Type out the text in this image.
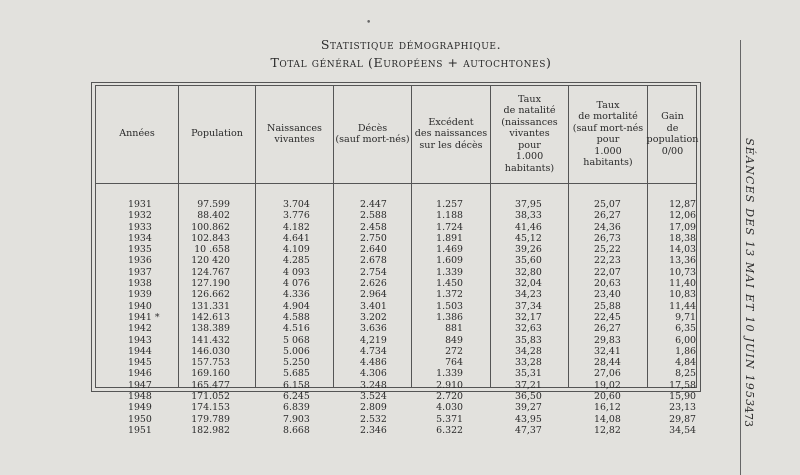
•
Statistique démographique.
Total général (Européens + autochtones)
Années	Population
Naissances
vivantes
Décès
(sauf mort-nés)
Excédent
des naissances
sur les décès
Taux
de natalité
(naissances
vivantes
pour
1.000 habitants)
Taux
de mortalité
(sauf mort-nés
pour
1.000 habitants)
Gain
de population
0/00
1931
1932
1933
1934
1935
1936
1937
1938
1939
1940
1941 *
1942
1943
1944
1945
1946
1947
1948
1949
1950
1951
97.599
88.402
100.862
102.843
10 .658
120 420
124.767
127.190
126.662
131.331
142.613
138.389
141.432
146.030
157.753
169.160
165.477
171.052
174.153
179.789
182.982
3.704
3.776
4.182
4.641
4.109
4.285
4 093
4 076
4.336
4.904
4.588
4.516
5 068
5.006
5.250
5.685
6.158
6.245
6.839
7.903
8.668
2.447
2.588
2.458
2.750
2.640
2.678
2.754
2.626
2.964
3.401
3.202
3.636
4,219
4.734
4.486
4.306
3.248
3.524
2.809
2.532
2.346
1.257
1.188
1.724
1.891
1.469
1.609
1.339
1.450
1.372
1.503
1.386
881
849
272
764
1.339
2.910
2.720
4.030
5.371
6.322
37,95
38,33
41,46
45,12
39,26
35,60
32,80
32,04
34,23
37,34
32,17
32,63
35,83
34,28
33,28
35,31
37,21
36,50
39,27
43,95
47,37
25,07
26,27
24,36
26,73
25,22
22,23
22,07
20,63
23,40
25,88
22,45
26,27
29,83
32,41
28,44
27,06
19,02
20,60
16,12
14,08
12,82
12,87
12,06
17,09
18,38
14,03
13,36
10,73
11,40
10,83
11,44
9,71
6,35
6,00
1,86
4,84
8,25
17,58
15,90
23,13
29,87
34,54
SÉANCES DES 13 MAI ET 10 JUIN 1953
473
